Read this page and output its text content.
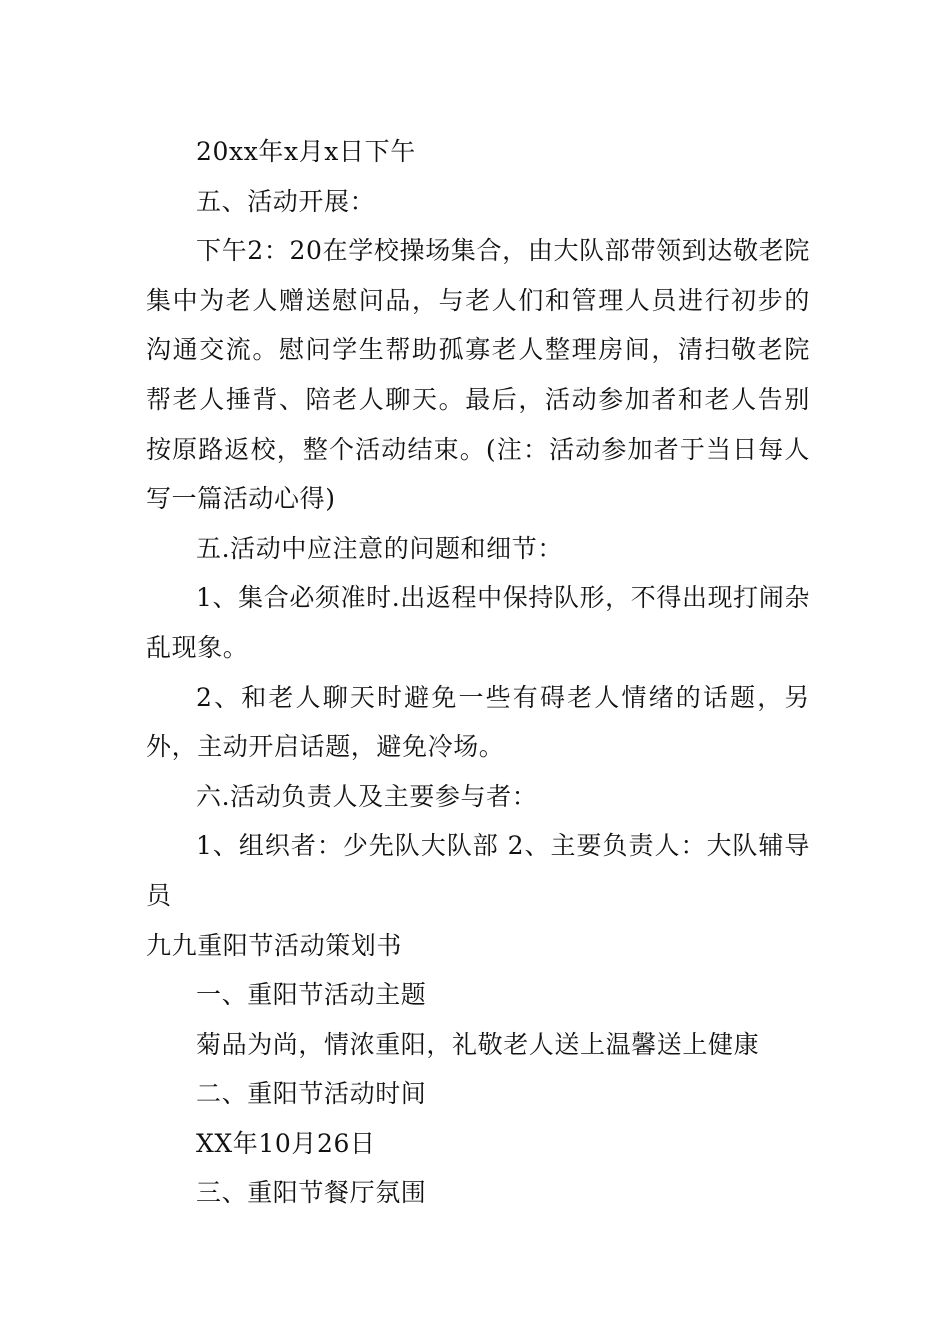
20xx年x月x日下午

五、活动开展：

下午2：20在学校操场集合，由大队部带领到达敬老院集中为老人赠送慰问品，与老人们和管理人员进行初步的沟通交流。慰问学生帮助孤寡老人整理房间，清扫敬老院帮老人捶背、陪老人聊天。最后，活动参加者和老人告别按原路返校，整个活动结束。(注：活动参加者于当日每人写一篇活动心得)

五.活动中应注意的问题和细节：

1、集合必须准时.出返程中保持队形，不得出现打闹杂乱现象。

2、和老人聊天时避免一些有碍老人情绪的话题，另外，主动开启话题，避免冷场。

六.活动负责人及主要参与者：

1、组织者：少先队大队部 2、主要负责人：大队辅导员

九九重阳节活动策划书

一、重阳节活动主题

菊品为尚，情浓重阳，礼敬老人送上温馨送上健康

二、重阳节活动时间

XX年10月26日

三、重阳节餐厅氛围
